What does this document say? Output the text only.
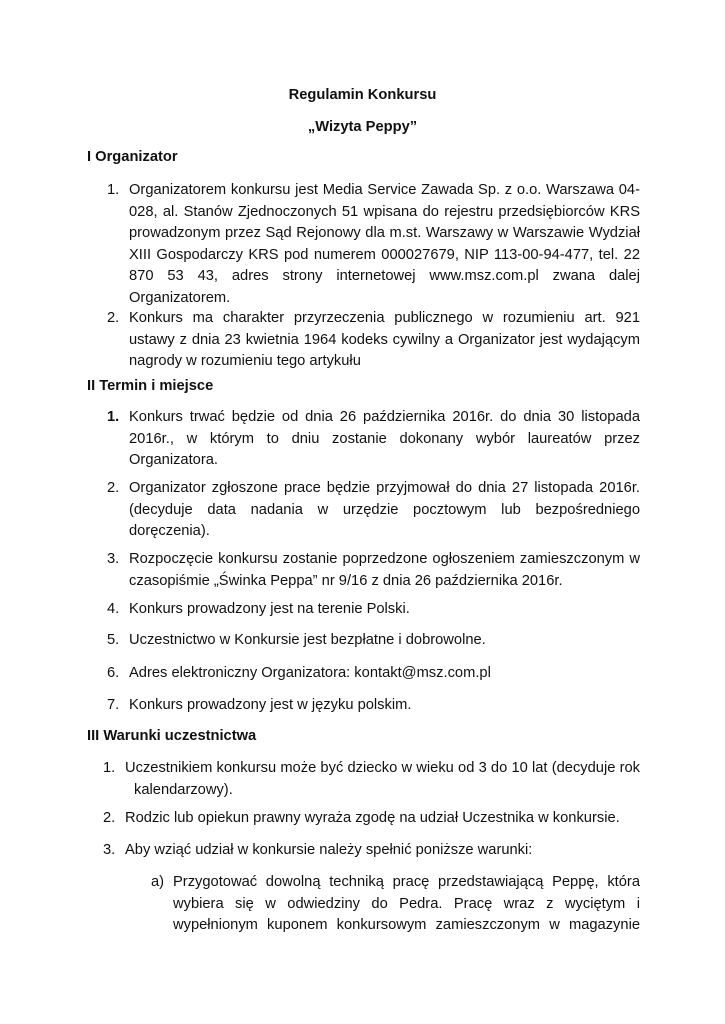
Regulamin Konkursu
„Wizyta Peppy”
I Organizator
1. Organizatorem konkursu jest Media Service Zawada Sp. z o.o. Warszawa 04-028, al. Stanów Zjednoczonych 51 wpisana do rejestru przedsiębiorców KRS prowadzonym przez Sąd Rejonowy dla m.st. Warszawy w Warszawie Wydział XIII Gospodarczy KRS pod numerem 000027679, NIP 113-00-94-477, tel. 22 870 53 43, adres strony internetowej www.msz.com.pl zwana dalej Organizatorem.
2. Konkurs ma charakter przyrzeczenia publicznego w rozumieniu art. 921 ustawy z dnia 23 kwietnia 1964 kodeks cywilny a Organizator jest wydającym nagrody w rozumieniu tego artykułu
II Termin i miejsce
1. Konkurs trwać będzie od dnia 26 października 2016r. do dnia 30 listopada 2016r., w którym to dniu zostanie dokonany wybór laureatów przez Organizatora.
2. Organizator zgłoszone prace będzie przyjmował do dnia 27 listopada 2016r. (decyduje data nadania w urzędzie pocztowym lub bezpośredniego doręczenia).
3. Rozpoczęcie konkursu zostanie poprzedzone ogłoszeniem zamieszczonym w czasopiśmie „Świnka Peppa” nr 9/16 z dnia 26 października 2016r.
4. Konkurs prowadzony jest na terenie Polski.
5. Uczestnictwo w Konkursie jest bezpłatne i dobrowolne.
6. Adres elektroniczny Organizatora: kontakt@msz.com.pl
7. Konkurs prowadzony jest w języku polskim.
III Warunki uczestnictwa
1. Uczestnikiem konkursu może być dziecko w wieku od 3 do 10 lat (decyduje rok kalendarzowy).
2. Rodzic lub opiekun prawny wyraża zgodę na udział Uczestnika w konkursie.
3. Aby wziąć udział w konkursie należy spełnić poniższe warunki:
a) Przygotować dowolną techniką pracę przedstawiającą Peppę, która wybiera się w odwiedziny do Pedra. Pracę wraz z wyciętym i wypełnionym kuponem konkursowym zamieszczonym w magazynie
